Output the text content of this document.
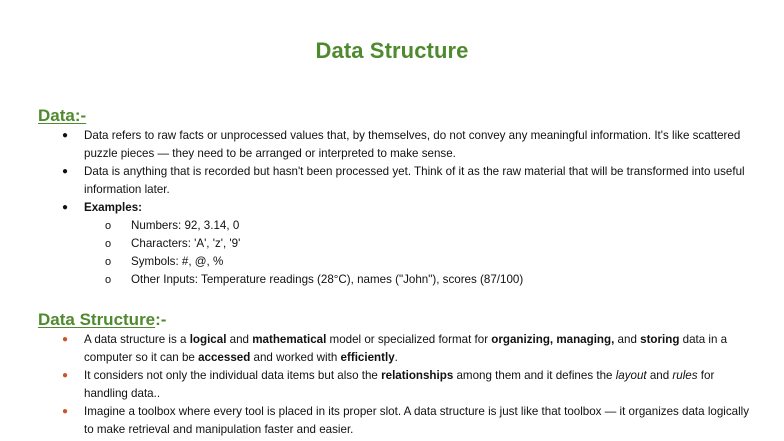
Data Structure
Data:-
● Data refers to raw facts or unprocessed values that, by themselves, do not convey any meaningful information. It's like scattered puzzle pieces — they need to be arranged or interpreted to make sense.
● Data is anything that is recorded but hasn't been processed yet. Think of it as the raw material that will be transformed into useful information later.
● Examples:
o Numbers: 92, 3.14, 0
o Characters: 'A', 'z', '9'
o Symbols: #, @, %
o Other Inputs: Temperature readings (28°C), names ("John"), scores (87/100)
Data Structure:-
● A data structure is a logical and mathematical model or specialized format for organizing, managing, and storing data in a computer so it can be accessed and worked with efficiently.
● It considers not only the individual data items but also the relationships among them and it defines the layout and rules for handling data..
● Imagine a toolbox where every tool is placed in its proper slot. A data structure is just like that toolbox — it organizes data logically to make retrieval and manipulation faster and easier.
